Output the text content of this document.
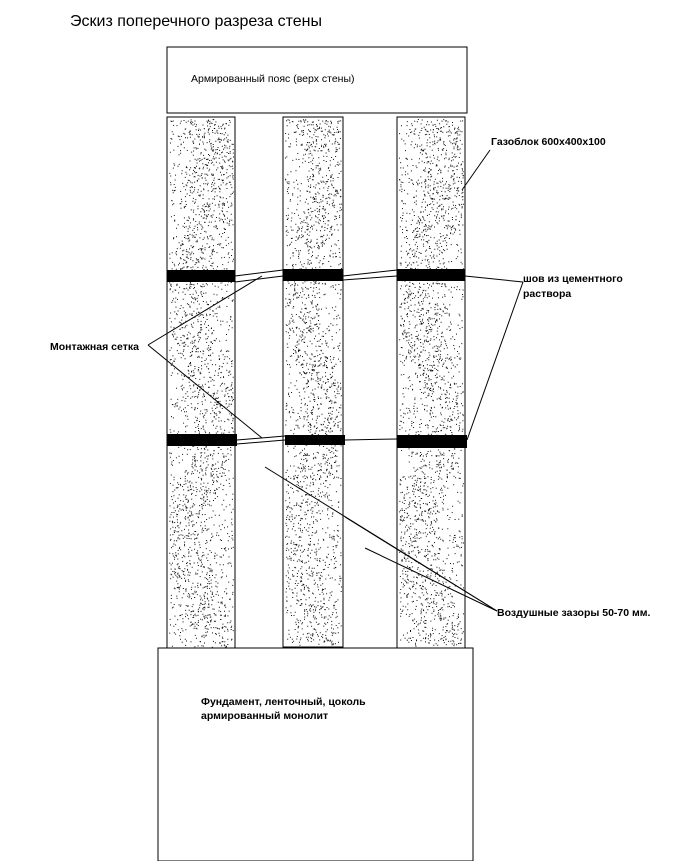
Эскиз поперечного разреза стены
Армированный пояс (верх стены)
Фундамент, ленточный, цоколь
армированный монолит
Газоблок 600х400х100
шов из цементного
раствора
Монтажная сетка
Воздушные зазоры 50-70 мм.
